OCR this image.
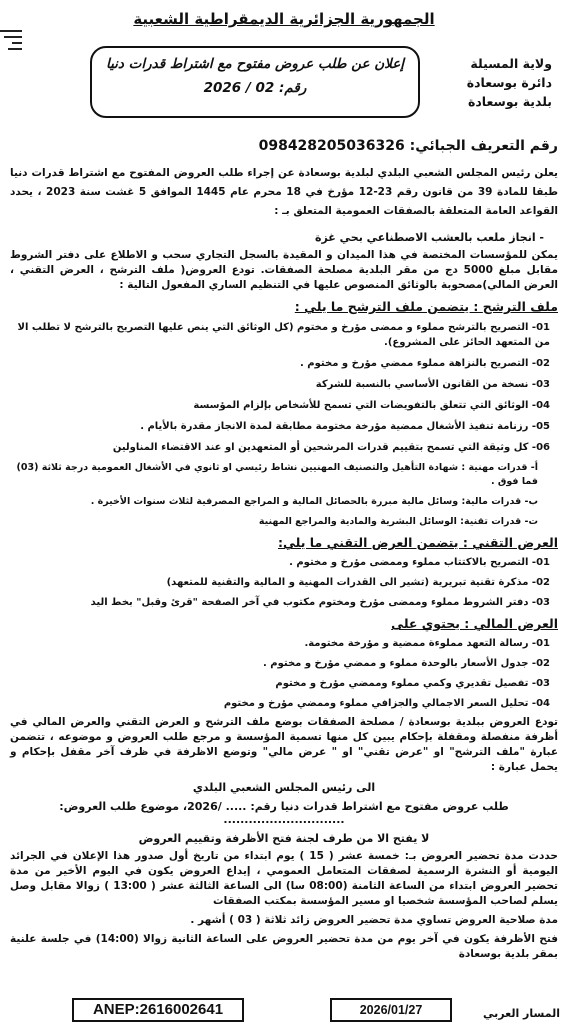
الجمهورية الجزائرية الديمقراطية الشعبية
ولاية المسيلة
دائرة بوسعادة
بلدية بوسعادة
إعلان عن طلب عروض مفتوح مع اشتراط قدرات دنيا
رقم: 02 / 2026
رقم التعريف الجبائي: 098428205036326
يعلن رئيس المجلس الشعبي البلدي لبلدية بوسعادة عن إجراء طلب العروض المفتوح مع اشتراط قدرات دنيا طبقا للمادة 39 من قانون رقم 23-12 مؤرخ في 18 محرم عام 1445 الموافق 5 غشت سنة 2023 ، يحدد القواعد العامة المتعلقة بالصفقات العمومية المتعلق بـ :
- انجاز ملعب بالعشب الاصطناعي بحي غزة
يمكن للمؤسسات المختصة في هذا الميدان و المقيدة بالسجل التجاري سحب و الاطلاع على دفتر الشروط مقابل مبلغ 5000 دج من مقر البلدية مصلحة الصفقات. تودع العروض( ملف الترشح ، العرض التقني ، العرض المالي)مصحوبة بالوثائق المنصوص عليها في التنظيم الساري المفعول التالية :
ملف الترشح : يتضمن ملف الترشح ما يلي :
01- التصريح بالترشح مملوء و ممضى مؤرخ و مختوم (كل الوثائق التي ينص عليها التصريح بالترشح لا تطلب الا من المتعهد الحائز على المشروع).
02- التصريح بالنزاهة مملوء ممضي مؤرخ و مختوم .
03- نسخة من القانون الأساسي بالنسبة للشركة
04- الوثائق التي تتعلق بالتفويضات التي تسمح للأشخاص بإلزام المؤسسة
05- رزنامة تنفيذ الأشغال ممضية مؤرخة مختومة مطابقة لمدة الانجاز مقدرة بالأيام .
06- كل وثيقة التي تسمح بتقييم قدرات المرشحين أو المتعهدين او عند الاقتضاء المناولين
أ- قدرات مهنية : شهادة التأهيل والتصنيف المهنيين نشاط رئيسي او ثانوي في الأشغال العمومية درجة ثلاثة (03) فما فوق .
ب- قدرات مالية: وسائل مالية مبررة بالحصائل المالية و المراجع المصرفية لثلاث سنوات الأخيرة .
ت- قدرات تقنية: الوسائل البشرية والمادية والمراجع المهنية
العرض التقني : يتضمن العرض التقني ما يلي:
01- التصريح بالاكتتاب مملوء وممضى مؤرخ و مختوم .
02- مذكرة تقنية تبريرية (تشير الى القدرات المهنية و المالية والتقنية للمتعهد)
03- دفتر الشروط مملوء وممضى مؤرخ ومختوم مكتوب في آخر الصفحة "قرئ وقبل" بخط اليد
العرض المالي : يحتوي على
01- رسالة التعهد مملوءة ممضية و مؤرخة مختومة.
02- جدول الأسعار بالوحدة مملوء و ممضي مؤرخ و مختوم .
03- تفصيل تقديري وكمي مملوء وممضي مؤرخ و مختوم
04- تحليل السعر الاجمالي والجزافي مملوء وممضي مؤرخ و مختوم
تودع العروض ببلدية بوسعادة / مصلحة الصفقات بوضع ملف الترشح و العرض التقني والعرض المالي في أظرفة منفصلة ومقفلة بإحكام يبين كل منها تسمية المؤسسة و مرجع طلب العروض و موضوعه ، تتضمن عبارة "ملف الترشح" او "عرض تقني" او " عرض مالي" وتوضع الاظرفة في ظرف آخر مقفل بإحكام و يحمل عبارة :
الى رئيس المجلس الشعبي البلدي
طلب عروض مفتوح مع اشتراط قدرات دنيا رقم: ..... /2026، موضوع طلب العروض: .............................
لا يفتح الا من طرف لجنة فتح الأظرفة وتقييم العروض
حددت مدة تحضير العروض بـ: خمسة عشر ( 15 ) يوم ابتداء من تاريخ أول صدور هذا الإعلان في الجرائد اليومية أو النشرة الرسمية لصفقات المتعامل العمومي ، إيداع العروض يكون في اليوم الأخير من مدة تحضير العروض ابتداء من الساعة الثامنة (08:00 سا) الى الساعة الثالثة عشر ( 13:00 ) زوالا مقابل وصل يسلم لصاحب المؤسسة شخصيا او مسير المؤسسة بمكتب الصفقات
مدة صلاحية العروض تساوي مدة تحضير العروض زائد ثلاثة ( 03 ) أشهر .
فتح الأظرفة يكون في آخر يوم من مدة تحضير العروض على الساعة الثانية زوالا (14:00) في جلسة علنية بمقر بلدية بوسعادة
ANEP:2616002641	2026/01/27	المسار العربي
